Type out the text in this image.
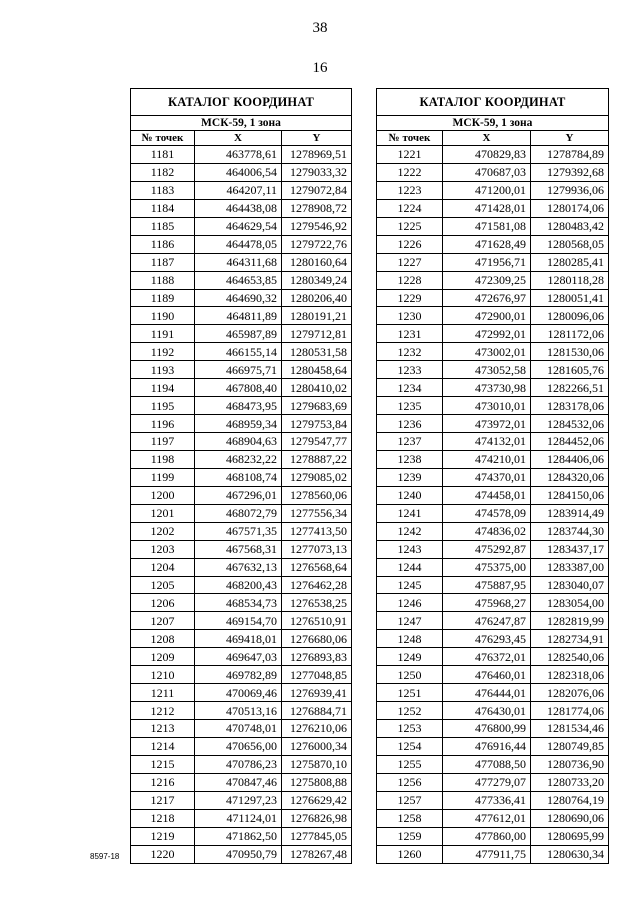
38
16
КАТАЛОГ КООРДИНАТ		
МСК-59, 1 зона		
№ точек	X	Y
1181	463778,61	1278969,51
1182	464006,54	1279033,32
1183	464207,11	1279072,84
1184	464438,08	1278908,72
1185	464629,54	1279546,92
1186	464478,05	1279722,76
1187	464311,68	1280160,64
1188	464653,85	1280349,24
1189	464690,32	1280206,40
1190	464811,89	1280191,21
1191	465987,89	1279712,81
1192	466155,14	1280531,58
1193	466975,71	1280458,64
1194	467808,40	1280410,02
1195	468473,95	1279683,69
1196	468959,34	1279753,84
1197	468904,63	1279547,77
1198	468232,22	1278887,22
1199	468108,74	1279085,02
1200	467296,01	1278560,06
1201	468072,79	1277556,34
1202	467571,35	1277413,50
1203	467568,31	1277073,13
1204	467632,13	1276568,64
1205	468200,43	1276462,28
1206	468534,73	1276538,25
1207	469154,70	1276510,91
1208	469418,01	1276680,06
1209	469647,03	1276893,83
1210	469782,89	1277048,85
1211	470069,46	1276939,41
1212	470513,16	1276884,71
1213	470748,01	1276210,06
1214	470656,00	1276000,34
1215	470786,23	1275870,10
1216	470847,46	1275808,88
1217	471297,23	1276629,42
1218	471124,01	1276826,98
1219	471862,50	1277845,05
1220	470950,79	1278267,48
КАТАЛОГ КООРДИНАТ		
МСК-59, 1 зона		
№ точек	X	Y
1221	470829,83	1278784,89
1222	470687,03	1279392,68
1223	471200,01	1279936,06
1224	471428,01	1280174,06
1225	471581,08	1280483,42
1226	471628,49	1280568,05
1227	471956,71	1280285,41
1228	472309,25	1280118,28
1229	472676,97	1280051,41
1230	472900,01	1280096,06
1231	472992,01	1281172,06
1232	473002,01	1281530,06
1233	473052,58	1281605,76
1234	473730,98	1282266,51
1235	473010,01	1283178,06
1236	473972,01	1284532,06
1237	474132,01	1284452,06
1238	474210,01	1284406,06
1239	474370,01	1284320,06
1240	474458,01	1284150,06
1241	474578,09	1283914,49
1242	474836,02	1283744,30
1243	475292,87	1283437,17
1244	475375,00	1283387,00
1245	475887,95	1283040,07
1246	475968,27	1283054,00
1247	476247,87	1282819,99
1248	476293,45	1282734,91
1249	476372,01	1282540,06
1250	476460,01	1282318,06
1251	476444,01	1282076,06
1252	476430,01	1281774,06
1253	476800,99	1281534,46
1254	476916,44	1280749,85
1255	477088,50	1280736,90
1256	477279,07	1280733,20
1257	477336,41	1280764,19
1258	477612,01	1280690,06
1259	477860,00	1280695,99
1260	477911,75	1280630,34
8597-18
